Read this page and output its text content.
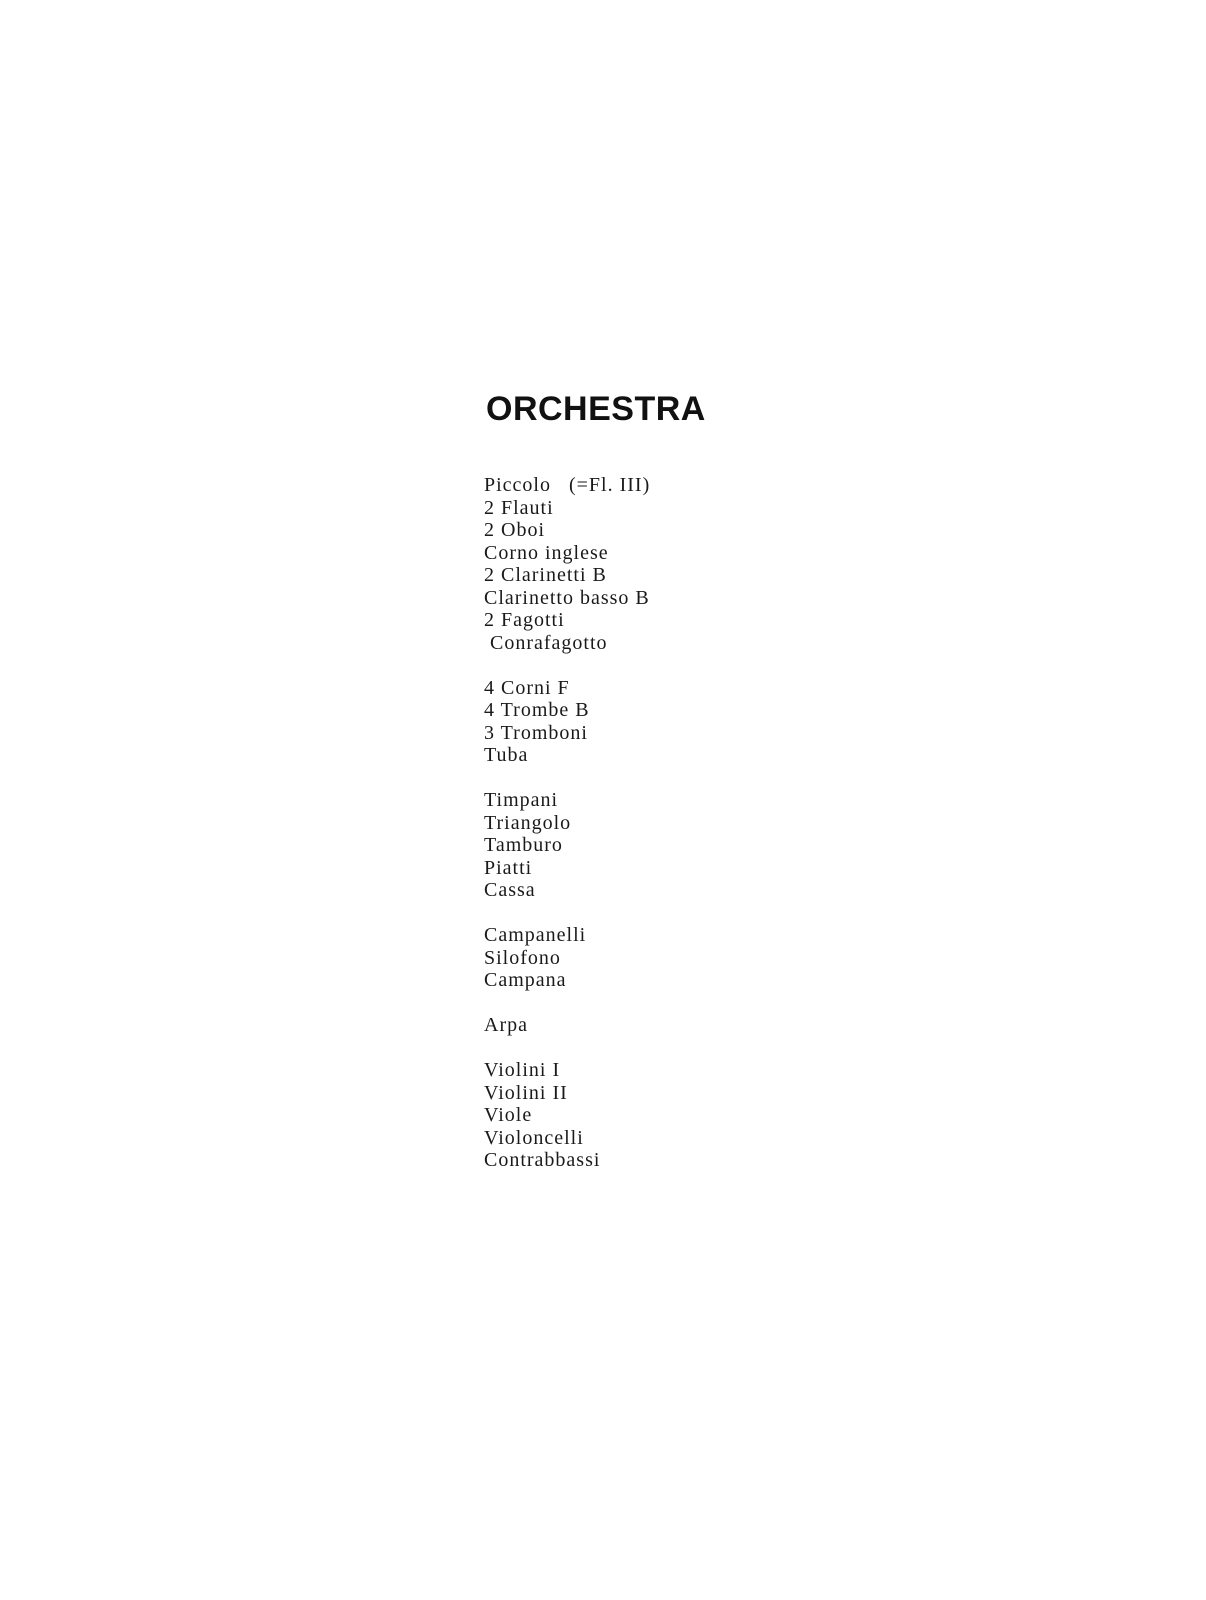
ORCHESTRA
Piccolo   (=Fl. III)
2 Flauti
2 Oboi
Corno inglese
2 Clarinetti B
Clarinetto basso B
2 Fagotti
Conrafagotto
4 Corni F
4 Trombe B
3 Tromboni
Tuba
Timpani
Triangolo
Tamburo
Piatti
Cassa
Campanelli
Silofono
Campana
Arpa
Violini I
Violini II
Viole
Violoncelli
Contrabbassi
